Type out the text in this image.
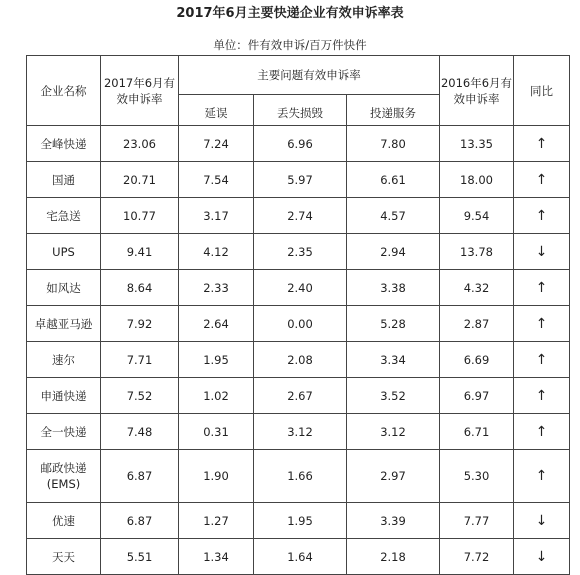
2017年6月主要快递企业有效申诉率表
单位：件有效申诉/百万件快件
企业名称	2017年6月有效申诉率	主要问题有效申诉率			2016年6月有效申诉率	同比
		延误	丢失损毁	投递服务		
全峰快递	23.06	7.24	6.96	7.80	13.35	↑
国通	20.71	7.54	5.97	6.61	18.00	↑
宅急送	10.77	3.17	2.74	4.57	9.54	↑
UPS	9.41	4.12	2.35	2.94	13.78	↓
如风达	8.64	2.33	2.40	3.38	4.32	↑
卓越亚马逊	7.92	2.64	0.00	5.28	2.87	↑
速尔	7.71	1.95	2.08	3.34	6.69	↑
申通快递	7.52	1.02	2.67	3.52	6.97	↑
全一快递	7.48	0.31	3.12	3.12	6.71	↑
邮政快递(EMS)	6.87	1.90	1.66	2.97	5.30	↑
优速	6.87	1.27	1.95	3.39	7.77	↓
天天	5.51	1.34	1.64	2.18	7.72	↓
